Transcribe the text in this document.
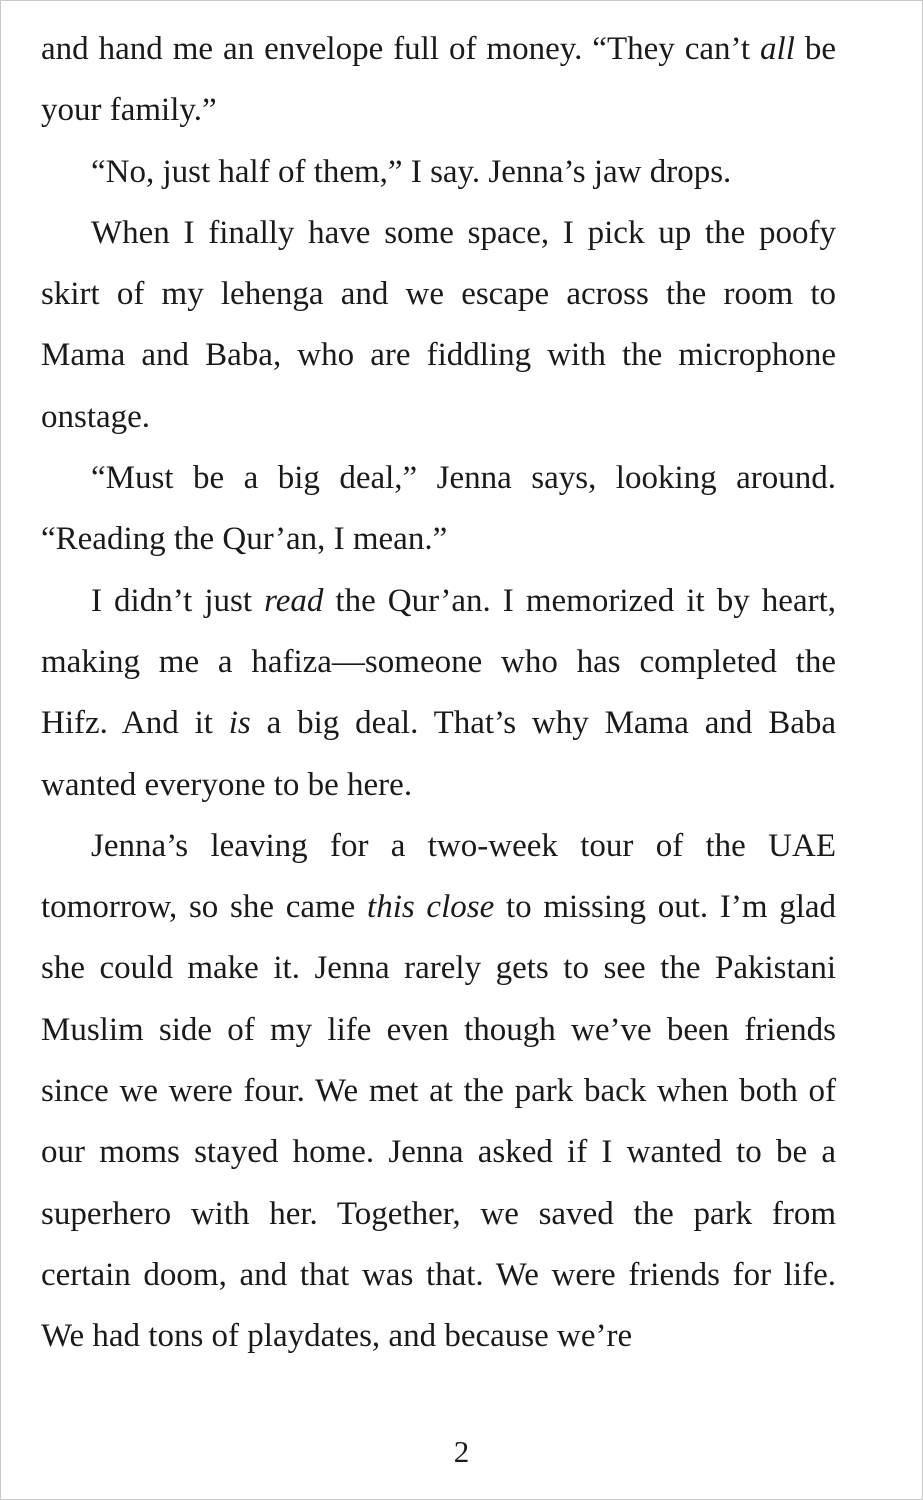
and hand me an envelope full of money. “They can’t all be your family.”

“No, just half of them,” I say. Jenna’s jaw drops.

When I finally have some space, I pick up the poofy skirt of my lehenga and we escape across the room to Mama and Baba, who are fiddling with the microphone onstage.

“Must be a big deal,” Jenna says, looking around. “Reading the Qur’an, I mean.”

I didn’t just read the Qur’an. I memorized it by heart, making me a hafiza—someone who has completed the Hifz. And it is a big deal. That’s why Mama and Baba wanted everyone to be here.

Jenna’s leaving for a two-week tour of the UAE tomorrow, so she came this close to missing out. I’m glad she could make it. Jenna rarely gets to see the Pakistani Muslim side of my life even though we’ve been friends since we were four. We met at the park back when both of our moms stayed home. Jenna asked if I wanted to be a superhero with her. Together, we saved the park from certain doom, and that was that. We were friends for life. We had tons of playdates, and because we’re

2
